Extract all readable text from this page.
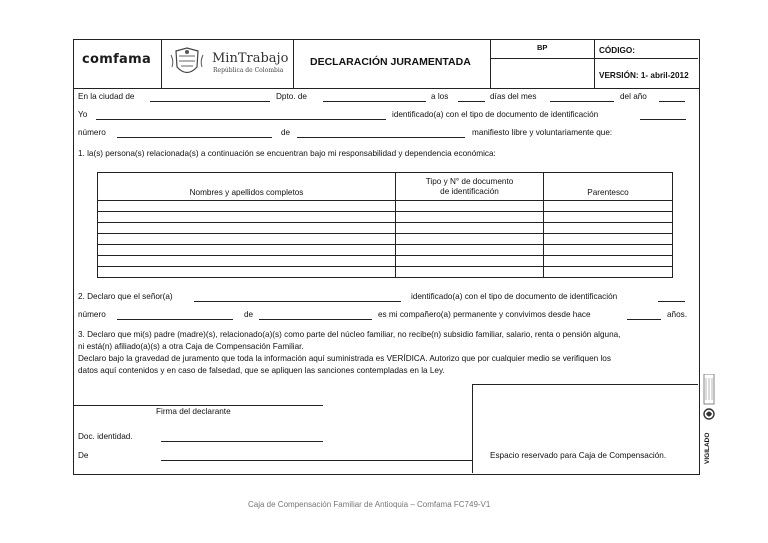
comfama	MinTrabajo
República de Colombia
DECLARACIÓN JURAMENTADA
BP	CÓDIGO:
VERSIÓN: 1- abril-2012
En la ciudad de	Dpto. de	a los	días del mes	del año
Yo	identificado(a) con el tipo de documento de identificación
número	de	manifiesto libre y voluntariamente que:
1. la(s) persona(s) relacionada(s) a continuación se encuentran bajo mi responsabilidad y dependencia económica:
Nombres y apellidos completos	Tipo y N° de documento de identificación	Parentesco

2. Declaro que el señor(a)	identificado(a) con el tipo de documento de identificación
número	de	es mi compañero(a) permanente y convivimos desde hace	años.
3. Declaro que mi(s) padre (madre)(s), relacionado(a)(s) como parte del núcleo familiar, no recibe(n) subsidio familiar, salario, renta o pensión alguna,
ni está(n) afiliado(a)(s) a otra Caja de Compensación Familiar.
Declaro bajo la gravedad de juramento que toda la información aquí suministrada es VERÍDICA. Autorizo que por cualquier medio se verifiquen los
datos aquí contenidos y en caso de falsedad, que se apliquen las sanciones contempladas en la Ley.
Firma del declarante
Doc. identidad.
De	Espacio reservado para Caja de Compensación.	VIGILADO
Caja de Compensación Familiar de Antioquia – Comfama FC749-V1
